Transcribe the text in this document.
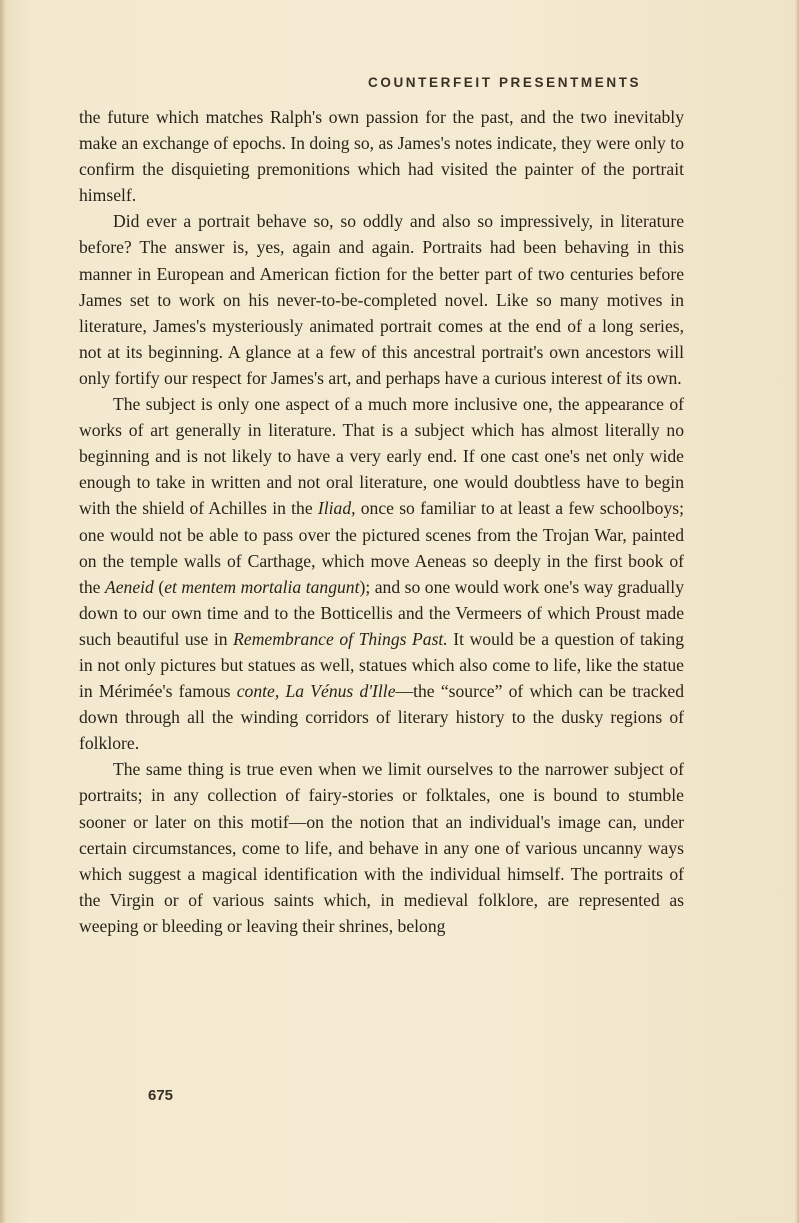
COUNTERFEIT PRESENTMENTS

the future which matches Ralph's own passion for the past, and the two inevitably make an exchange of epochs. In doing so, as James's notes indicate, they were only to confirm the disquieting premonitions which had visited the painter of the portrait himself.

Did ever a portrait behave so, so oddly and also so impressively, in literature before? The answer is, yes, again and again. Portraits had been behaving in this manner in European and American fiction for the better part of two centuries before James set to work on his never-to-be-completed novel. Like so many motives in literature, James's mysteriously animated portrait comes at the end of a long series, not at its beginning. A glance at a few of this ancestral portrait's own ancestors will only fortify our respect for James's art, and perhaps have a curious interest of its own.

The subject is only one aspect of a much more inclusive one, the appearance of works of art generally in literature. That is a subject which has almost literally no beginning and is not likely to have a very early end. If one cast one's net only wide enough to take in written and not oral literature, one would doubtless have to begin with the shield of Achilles in the Iliad, once so familiar to at least a few schoolboys; one would not be able to pass over the pictured scenes from the Trojan War, painted on the temple walls of Carthage, which move Aeneas so deeply in the first book of the Aeneid (et mentem mortalia tangunt); and so one would work one's way gradually down to our own time and to the Botticellis and the Vermeers of which Proust made such beautiful use in Remembrance of Things Past. It would be a question of taking in not only pictures but statues as well, statues which also come to life, like the statue in Mérimée's famous conte, La Vénus d'Ille—the “source” of which can be tracked down through all the winding corridors of literary history to the dusky regions of folklore.

The same thing is true even when we limit ourselves to the narrower subject of portraits; in any collection of fairy-stories or folktales, one is bound to stumble sooner or later on this motif—on the notion that an individual's image can, under certain circumstances, come to life, and behave in any one of various uncanny ways which suggest a magical identification with the individual himself. The portraits of the Virgin or of various saints which, in medieval folklore, are represented as weeping or bleeding or leaving their shrines, belong

675
